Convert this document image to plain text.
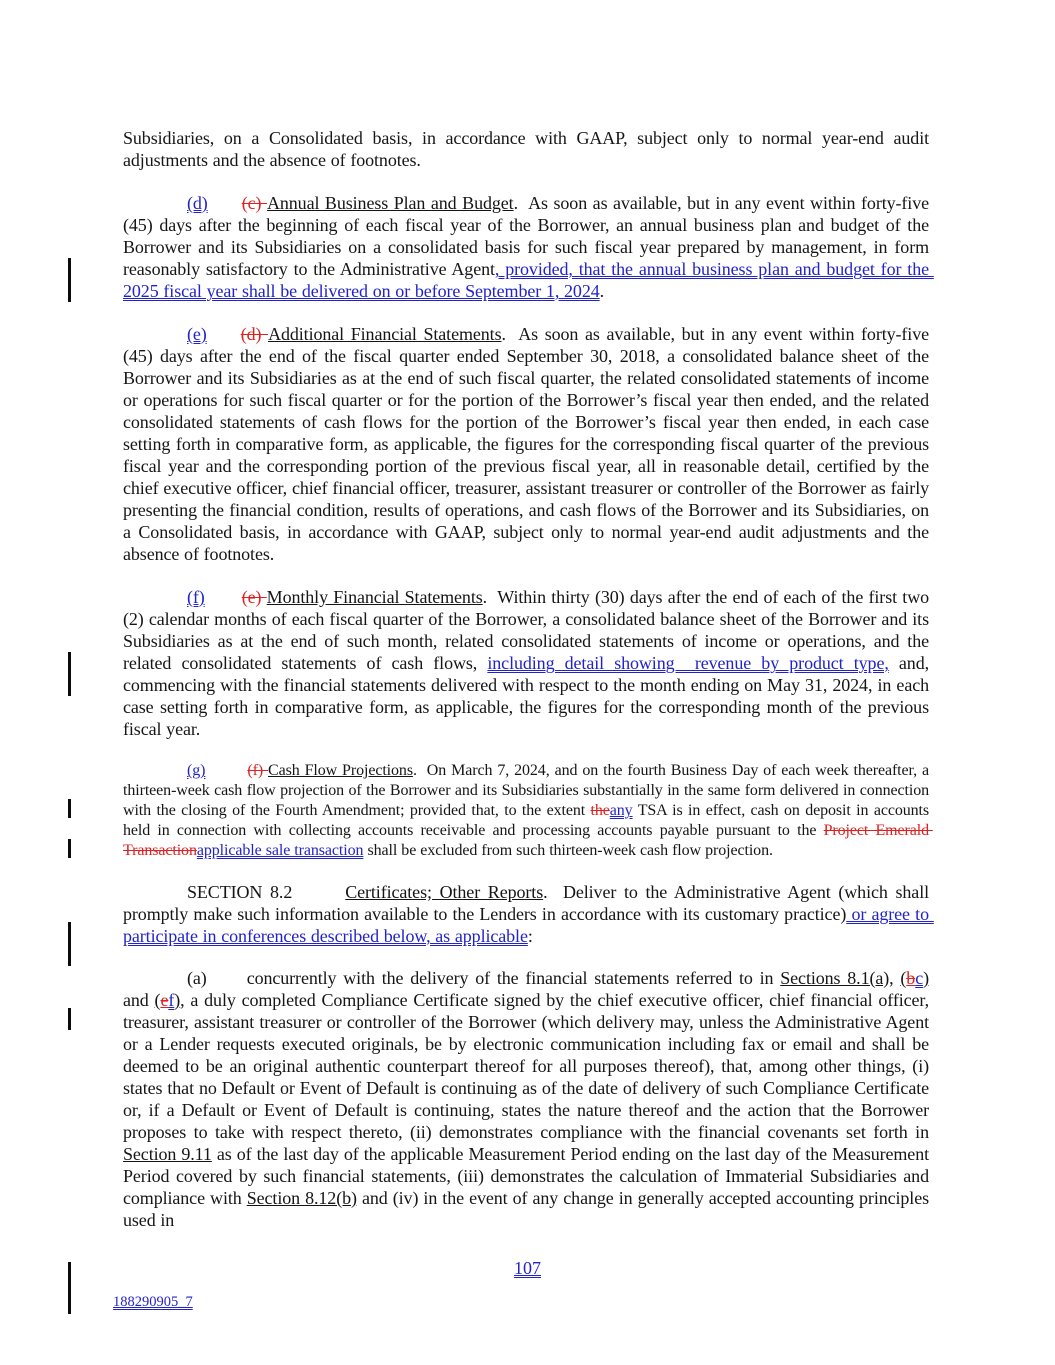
Subsidiaries, on a Consolidated basis, in accordance with GAAP, subject only to normal year-end audit adjustments and the absence of footnotes.

(d) (c) Annual Business Plan and Budget.  As soon as available, but in any event within forty-five (45) days after the beginning of each fiscal year of the Borrower, an annual business plan and budget of the Borrower and its Subsidiaries on a consolidated basis for such fiscal year prepared by management, in form reasonably satisfactory to the Administrative Agent, provided, that the annual business plan and budget for the 2025 fiscal year shall be delivered on or before September 1, 2024.

(e) (d) Additional Financial Statements.  As soon as available, but in any event within forty-five (45) days after the end of the fiscal quarter ended September 30, 2018, a consolidated balance sheet of the Borrower and its Subsidiaries as at the end of such fiscal quarter, the related consolidated statements of income or operations for such fiscal quarter or for the portion of the Borrower’s fiscal year then ended, and the related consolidated statements of cash flows for the portion of the Borrower’s fiscal year then ended, in each case setting forth in comparative form, as applicable, the figures for the corresponding fiscal quarter of the previous fiscal year and the corresponding portion of the previous fiscal year, all in reasonable detail, certified by the chief executive officer, chief financial officer, treasurer, assistant treasurer or controller of the Borrower as fairly presenting the financial condition, results of operations, and cash flows of the Borrower and its Subsidiaries, on a Consolidated basis, in accordance with GAAP, subject only to normal year-end audit adjustments and the absence of footnotes.

(f) (e) Monthly Financial Statements.  Within thirty (30) days after the end of each of the first two (2) calendar months of each fiscal quarter of the Borrower, a consolidated balance sheet of the Borrower and its Subsidiaries as at the end of such month, related consolidated statements of income or operations, and the related consolidated statements of cash flows, including detail showing  revenue by product type, and, commencing with the financial statements delivered with respect to the month ending on May 31, 2024, in each case setting forth in comparative form, as applicable, the figures for the corresponding month of the previous fiscal year.

(g)	(f) Cash Flow Projections.  On March 7, 2024, and on the fourth Business Day of each week thereafter, a thirteen-week cash flow projection of the Borrower and its Subsidiaries substantially in the same form delivered in connection with the closing of the Fourth Amendment; provided that, to the extent theany TSA is in effect, cash on deposit in accounts held in connection with collecting accounts receivable and processing accounts payable pursuant to the Project Emerald Transactionapplicable sale transaction shall be excluded from such thirteen-week cash flow projection.

SECTION 8.2	Certificates; Other Reports.  Deliver to the Administrative Agent (which shall promptly make such information available to the Lenders in accordance with its customary practice) or agree to participate in conferences described below, as applicable:

(a) concurrently with the delivery of the financial statements referred to in Sections 8.1(a), (bc) and (ef), a duly completed Compliance Certificate signed by the chief executive officer, chief financial officer, treasurer, assistant treasurer or controller of the Borrower (which delivery may, unless the Administrative Agent or a Lender requests executed originals, be by electronic communication including fax or email and shall be deemed to be an original authentic counterpart thereof for all purposes thereof), that, among other things, (i) states that no Default or Event of Default is continuing as of the date of delivery of such Compliance Certificate or, if a Default or Event of Default is continuing, states the nature thereof and the action that the Borrower proposes to take with respect thereto, (ii) demonstrates compliance with the financial covenants set forth in Section 9.11 as of the last day of the applicable Measurement Period ending on the last day of the Measurement Period covered by such financial statements, (iii) demonstrates the calculation of Immaterial Subsidiaries and compliance with Section 8.12(b) and (iv) in the event of any change in generally accepted accounting principles used in

107
188290905_7
